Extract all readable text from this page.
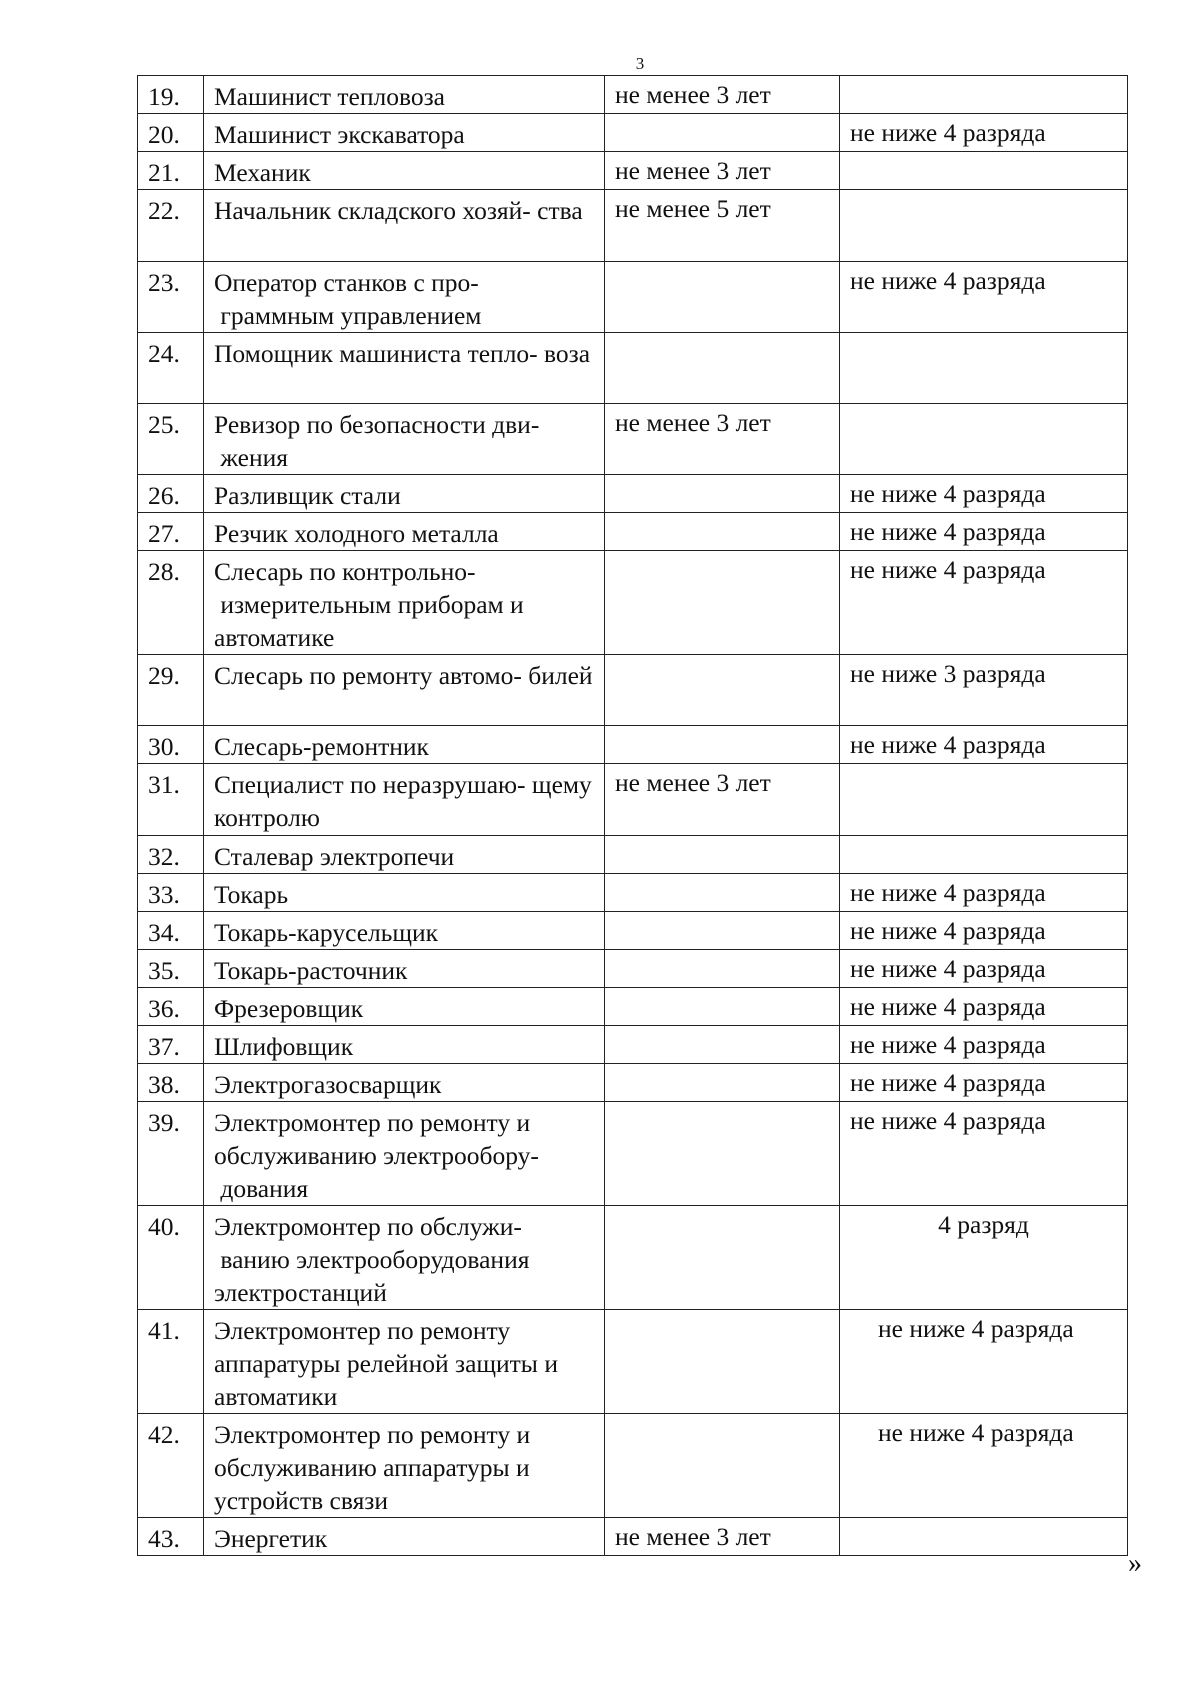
3
19.	Машинист тепловоза	не менее 3 лет	
20.	Машинист экскаватора		не ниже 4 разряда
21.	Механик	не менее 3 лет	
22.	Начальник складского хозяй- ства	не менее 5 лет	
23.	Оператор станков с про- граммным управлением		не ниже 4 разряда
24.	Помощник машиниста тепло- воза		
25.	Ревизор по безопасности дви- жения	не менее 3 лет	
26.	Разливщик стали		не ниже 4 разряда
27.	Резчик холодного металла		не ниже 4 разряда
28.	Слесарь по контрольно- измерительным приборам и автоматике		не ниже 4 разряда
29.	Слесарь по ремонту автомо- билей		не ниже 3 разряда
30.	Слесарь-ремонтник		не ниже 4 разряда
31.	Специалист по неразрушаю- щему контролю	не менее 3 лет	
32.	Сталевар электропечи		
33.	Токарь		не ниже 4 разряда
34.	Токарь-карусельщик		не ниже 4 разряда
35.	Токарь-расточник		не ниже 4 разряда
36.	Фрезеровщик		не ниже 4 разряда
37.	Шлифовщик		не ниже 4 разряда
38.	Электрогазосварщик		не ниже 4 разряда
39.	Электромонтер по ремонту и обслуживанию электрообору- дования		не ниже 4 разряда
40.	Электромонтер по обслужи- ванию электрооборудования электростанций		4 разряд
41.	Электромонтер по ремонту аппаратуры релейной защиты и автоматики		не ниже 4 разряда
42.	Электромонтер по ремонту и обслуживанию аппаратуры и устройств связи		не ниже 4 разряда
43.	Энергетик	не менее 3 лет	
»
